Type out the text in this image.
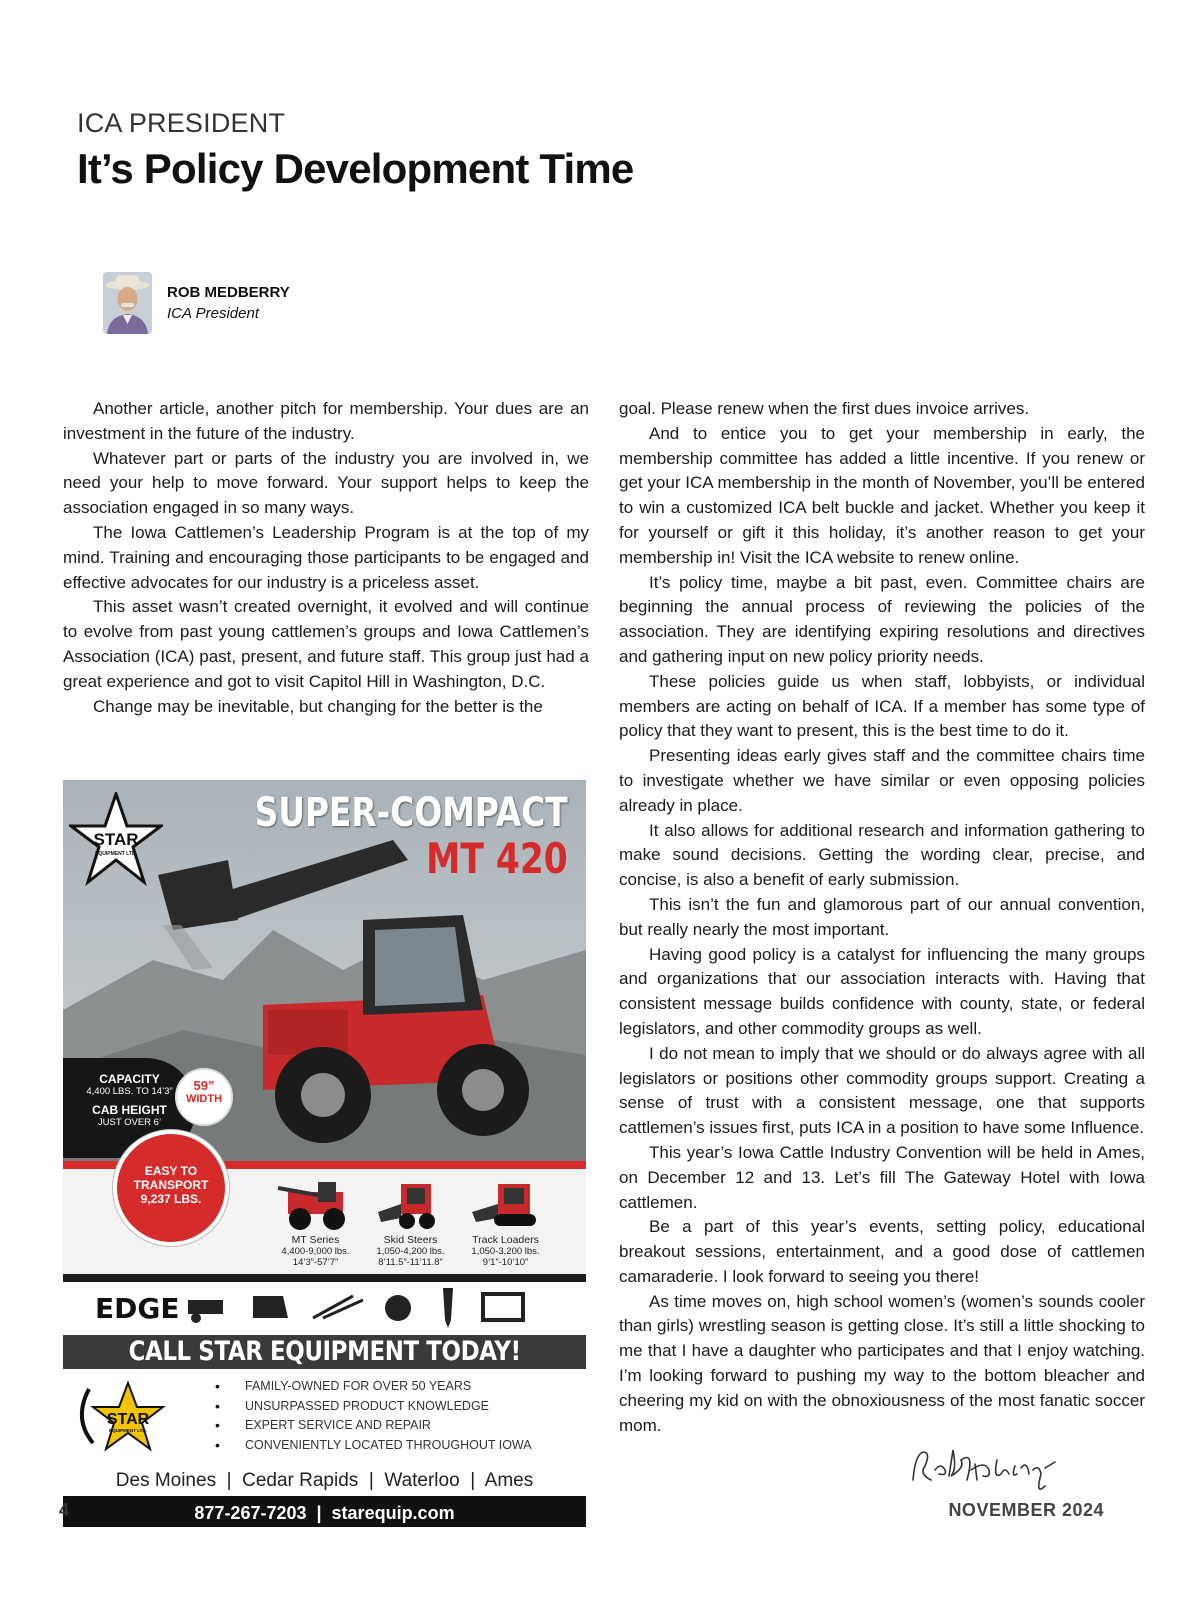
ICA PRESIDENT
It’s Policy Development Time
ROB MEDBERRY
ICA President

Another article, another pitch for membership. Your dues are an investment in the future of the industry.

Whatever part or parts of the industry you are involved in, we need your help to move forward. Your support helps to keep the association engaged in so many ways.

The Iowa Cattlemen’s Leadership Program is at the top of my mind. Training and encouraging those participants to be engaged and effective advocates for our industry is a priceless asset.

This asset wasn’t created overnight, it evolved and will continue to evolve from past young cattlemen’s groups and Iowa Cattlemen’s Association (ICA) past, present, and future staff. This group just had a great experience and got to visit Capitol Hill in Washington, D.C.

Change may be inevitable, but changing for the better is the

goal. Please renew when the first dues invoice arrives.

And to entice you to get your membership in early, the membership committee has added a little incentive. If you renew or get your ICA membership in the month of November, you’ll be entered to win a customized ICA belt buckle and jacket. Whether you keep it for yourself or gift it this holiday, it’s another reason to get your membership in! Visit the ICA website to renew online.

It’s policy time, maybe a bit past, even. Committee chairs are beginning the annual process of reviewing the policies of the association. They are identifying expiring resolutions and directives and gathering input on new policy priority needs.

These policies guide us when staff, lobbyists, or individual members are acting on behalf of ICA. If a member has some type of policy that they want to present, this is the best time to do it.

Presenting ideas early gives staff and the committee chairs time to investigate whether we have similar or even opposing policies already in place.

It also allows for additional research and information gathering to make sound decisions. Getting the wording clear, precise, and concise, is also a benefit of early submission.

This isn’t the fun and glamorous part of our annual convention, but really nearly the most important.

Having good policy is a catalyst for influencing the many groups and organizations that our association interacts with. Having that consistent message builds confidence with county, state, or federal legislators, and other commodity groups as well.

I do not mean to imply that we should or do always agree with all legislators or positions other commodity groups support. Creating a sense of trust with a consistent message, one that supports cattlemen’s issues first, puts ICA in a position to have some Influence.

This year’s Iowa Cattle Industry Convention will be held in Ames, on December 12 and 13. Let’s fill The Gateway Hotel with Iowa cattlemen.

Be a part of this year’s events, setting policy, educational breakout sessions, entertainment, and a good dose of cattlemen camaraderie. I look forward to seeing you there!

As time moves on, high school women’s (women’s sounds cooler than girls) wrestling season is getting close. It’s still a little shocking to me that I have a daughter who participates and that I enjoy watching. I’m looking forward to pushing my way to the bottom bleacher and cheering my kid on with the obnoxiousness of the most fanatic soccer mom.

STAR
EQUIPMENT LTD.
SUPER-COMPACT
MT 420
CAPACITY
4,400 LBS. TO 14’3”
CAB HEIGHT
JUST OVER 6’
59”
WIDTH
MT Series
4,400-9,000 lbs.
14’3”-57’7”
Skid Steers
1,050-4,200 lbs.
8’11.5”-11’11.8”
Track Loaders
1,050-3,200 lbs.
9’1”-10’10”
EASY TO
TRANSPORT
9,237 LBS.
EDGE
CALL STAR EQUIPMENT TODAY!
STAR
EQUIPMENT LTD.
• FAMILY-OWNED FOR OVER 50 YEARS
• UNSURPASSED PRODUCT KNOWLEDGE
• EXPERT SERVICE AND REPAIR
• CONVENIENTLY LOCATED THROUGHOUT IOWA
Des Moines  |  Cedar Rapids  |  Waterloo  |  Ames
877-267-7203  |  starequip.com
4	NOVEMBER 2024
